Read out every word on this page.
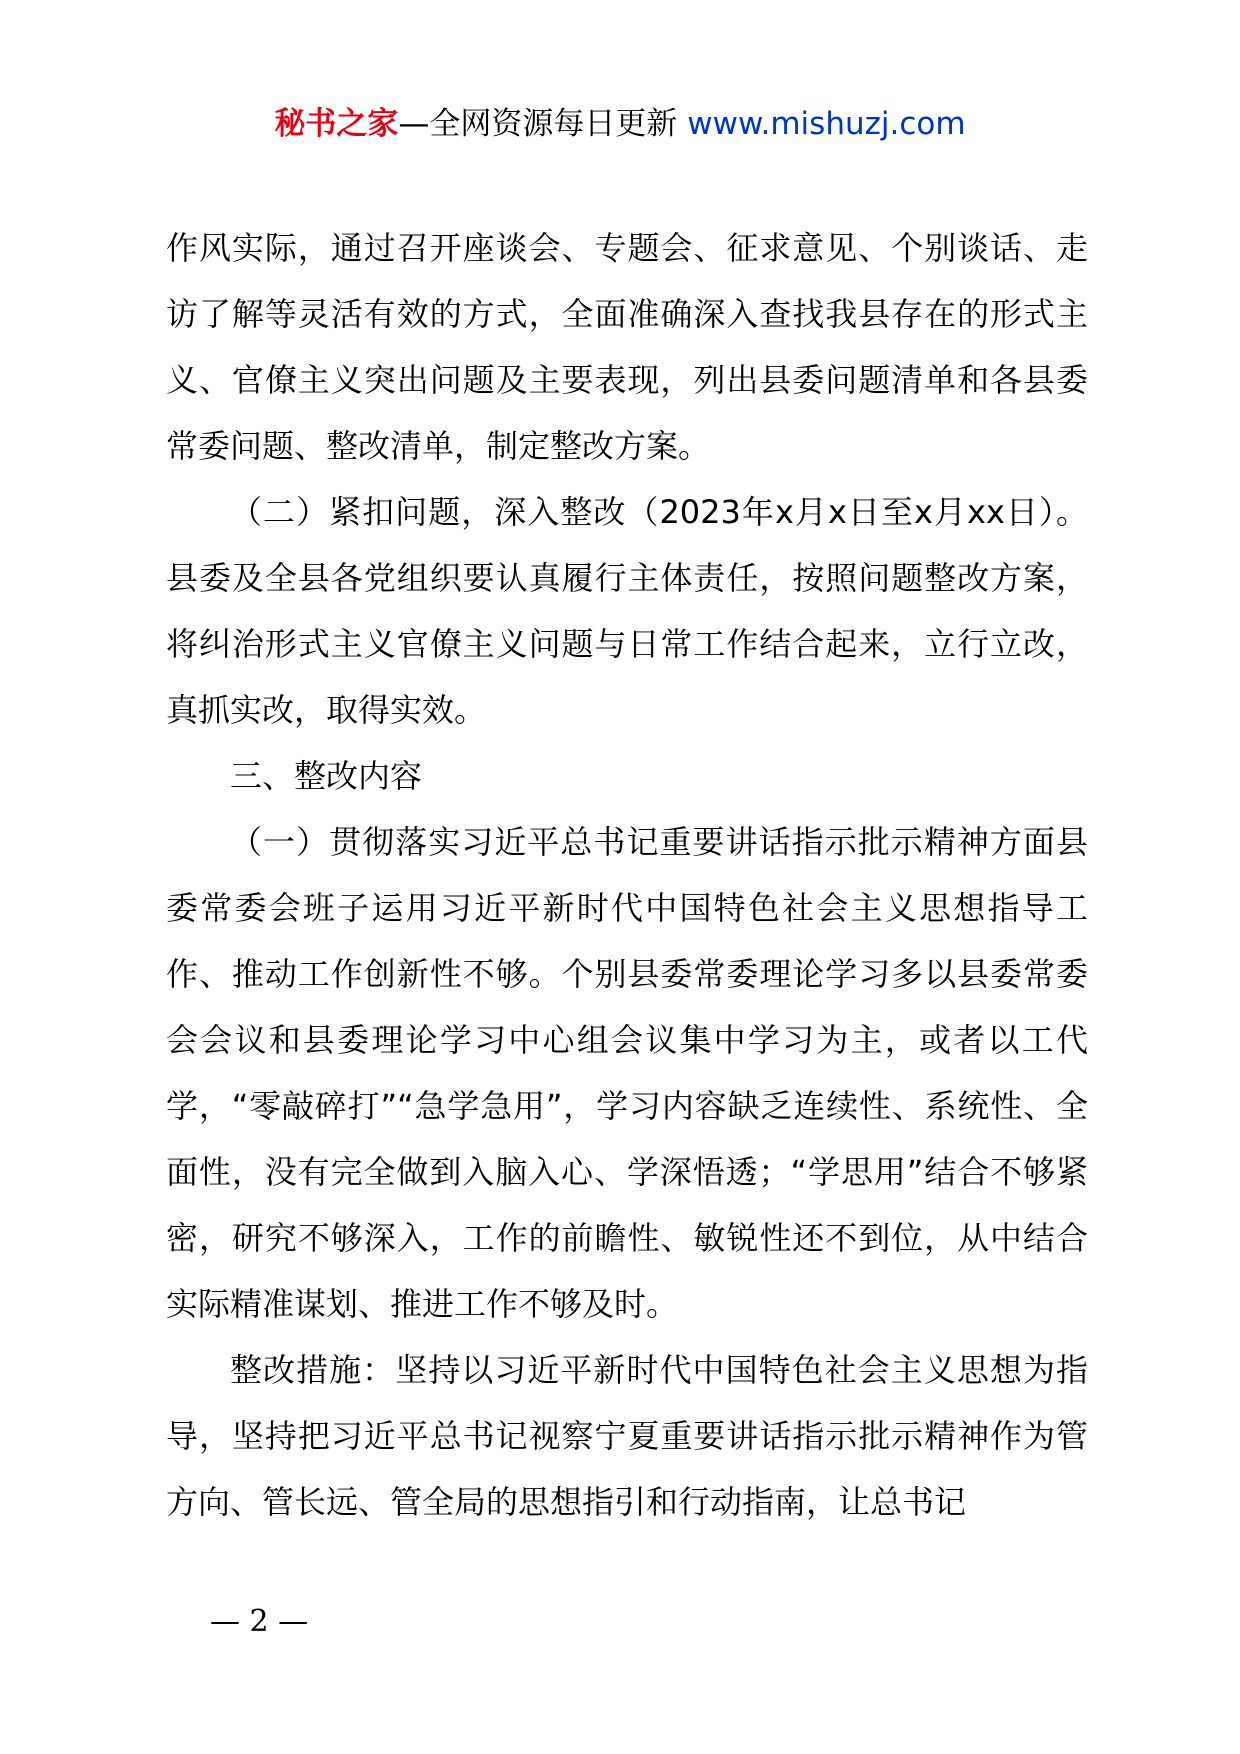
秘书之家—全网资源每日更新 www.mishuzj.com

作风实际，通过召开座谈会、专题会、征求意见、个别谈话、走访了解等灵活有效的方式，全面准确深入查找我县存在的形式主义、官僚主义突出问题及主要表现，列出县委问题清单和各县委常委问题、整改清单，制定整改方案。

（二）紧扣问题，深入整改（2023年x月x日至x月xx日）。县委及全县各党组织要认真履行主体责任，按照问题整改方案，将纠治形式主义官僚主义问题与日常工作结合起来，立行立改，真抓实改，取得实效。

三、整改内容

（一）贯彻落实习近平总书记重要讲话指示批示精神方面县委常委会班子运用习近平新时代中国特色社会主义思想指导工作、推动工作创新性不够。个别县委常委理论学习多以县委常委会会议和县委理论学习中心组会议集中学习为主，或者以工代学，“零敲碎打”“急学急用”，学习内容缺乏连续性、系统性、全面性，没有完全做到入脑入心、学深悟透；“学思用”结合不够紧密，研究不够深入，工作的前瞻性、敏锐性还不到位，从中结合实际精准谋划、推进工作不够及时。

整改措施：坚持以习近平新时代中国特色社会主义思想为指导，坚持把习近平总书记视察宁夏重要讲话指示批示精神作为管方向、管长远、管全局的思想指引和行动指南，让总书记

— 2 —
